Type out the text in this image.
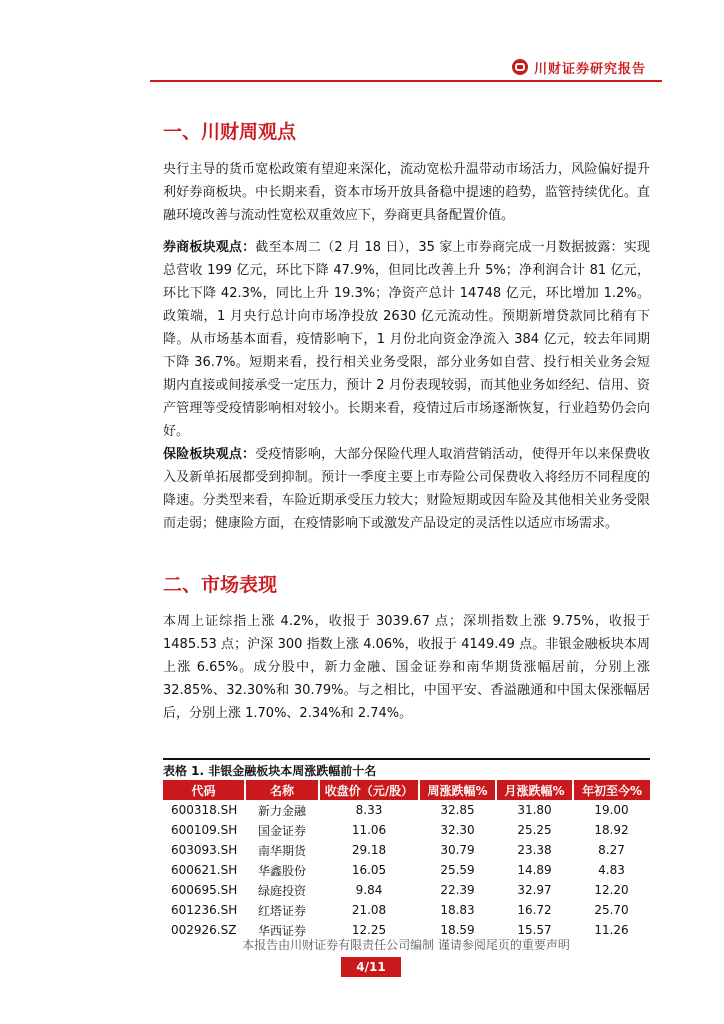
川财证券研究报告
一、川财周观点

央行主导的货币宽松政策有望迎来深化，流动宽松升温带动市场活力，风险偏好提升利好券商板块。中长期来看，资本市场开放具备稳中提速的趋势，监管持续优化。直融环境改善与流动性宽松双重效应下，券商更具备配置价值。

券商板块观点：截至本周二（2 月 18 日），35 家上市券商完成一月数据披露：实现总营收 199 亿元，环比下降 47.9%，但同比改善上升 5%；净利润合计 81 亿元，环比下降 42.3%，同比上升 19.3%；净资产总计 14748 亿元，环比增加 1.2%。政策端，1 月央行总计向市场净投放 2630 亿元流动性。预期新增贷款同比稍有下降。从市场基本面看，疫情影响下，1 月份北向资金净流入 384 亿元，较去年同期下降 36.7%。短期来看，投行相关业务受限，部分业务如自营、投行相关业务会短期内直接或间接承受一定压力，预计 2 月份表现较弱，而其他业务如经纪、信用、资产管理等受疫情影响相对较小。长期来看，疫情过后市场逐渐恢复，行业趋势仍会向好。

保险板块观点：受疫情影响，大部分保险代理人取消营销活动，使得开年以来保费收入及新单拓展都受到抑制。预计一季度主要上市寿险公司保费收入将经历不同程度的降速。分类型来看，车险近期承受压力较大；财险短期或因车险及其他相关业务受限而走弱；健康险方面，在疫情影响下或激发产品设定的灵活性以适应市场需求。

二、市场表现

本周上证综指上涨 4.2%，收报于 3039.67 点；深圳指数上涨 9.75%，收报于 1485.53 点；沪深 300 指数上涨 4.06%，收报于 4149.49 点。非银金融板块本周上涨 6.65%。成分股中，新力金融、国金证券和南华期货涨幅居前，分别上涨 32.85%、32.30%和 30.79%。与之相比，中国平安、香溢融通和中国太保涨幅居后，分别上涨 1.70%、2.34%和 2.74%。

表格 1. 非银金融板块本周涨跌幅前十名
代码	名称	收盘价（元/股）	周涨跌幅%	月涨跌幅%	年初至今%
600318.SH	新力金融	8.33	32.85	31.80	19.00
600109.SH	国金证券	11.06	32.30	25.25	18.92
603093.SH	南华期货	29.18	30.79	23.38	8.27
600621.SH	华鑫股份	16.05	25.59	14.89	4.83
600695.SH	绿庭投资	9.84	22.39	32.97	12.20
601236.SH	红塔证券	21.08	18.83	16.72	25.70
002926.SZ	华西证券	12.25	18.59	15.57	11.26
本报告由川财证券有限责任公司编制 谨请参阅尾页的重要声明
4/11
